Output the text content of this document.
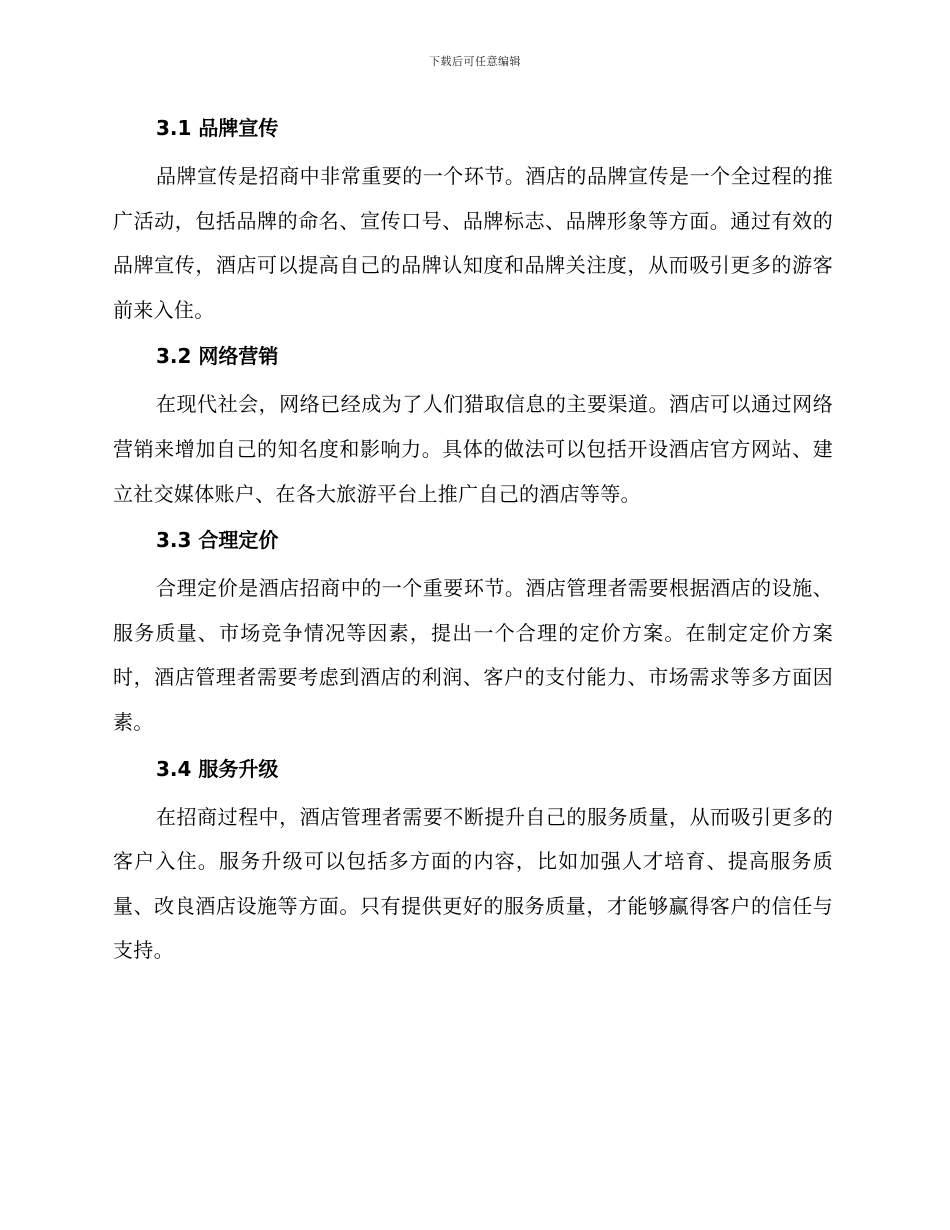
下载后可任意编辑
3.1 品牌宣传

品牌宣传是招商中非常重要的一个环节。酒店的品牌宣传是一个全过程的推广活动，包括品牌的命名、宣传口号、品牌标志、品牌形象等方面。通过有效的品牌宣传，酒店可以提高自己的品牌认知度和品牌关注度，从而吸引更多的游客前来入住。

3.2 网络营销

在现代社会，网络已经成为了人们猎取信息的主要渠道。酒店可以通过网络营销来增加自己的知名度和影响力。具体的做法可以包括开设酒店官方网站、建立社交媒体账户、在各大旅游平台上推广自己的酒店等等。

3.3 合理定价

合理定价是酒店招商中的一个重要环节。酒店管理者需要根据酒店的设施、服务质量、市场竞争情况等因素，提出一个合理的定价方案。在制定定价方案时，酒店管理者需要考虑到酒店的利润、客户的支付能力、市场需求等多方面因素。

3.4 服务升级

在招商过程中，酒店管理者需要不断提升自己的服务质量，从而吸引更多的客户入住。服务升级可以包括多方面的内容，比如加强人才培育、提高服务质量、改良酒店设施等方面。只有提供更好的服务质量，才能够赢得客户的信任与支持。
